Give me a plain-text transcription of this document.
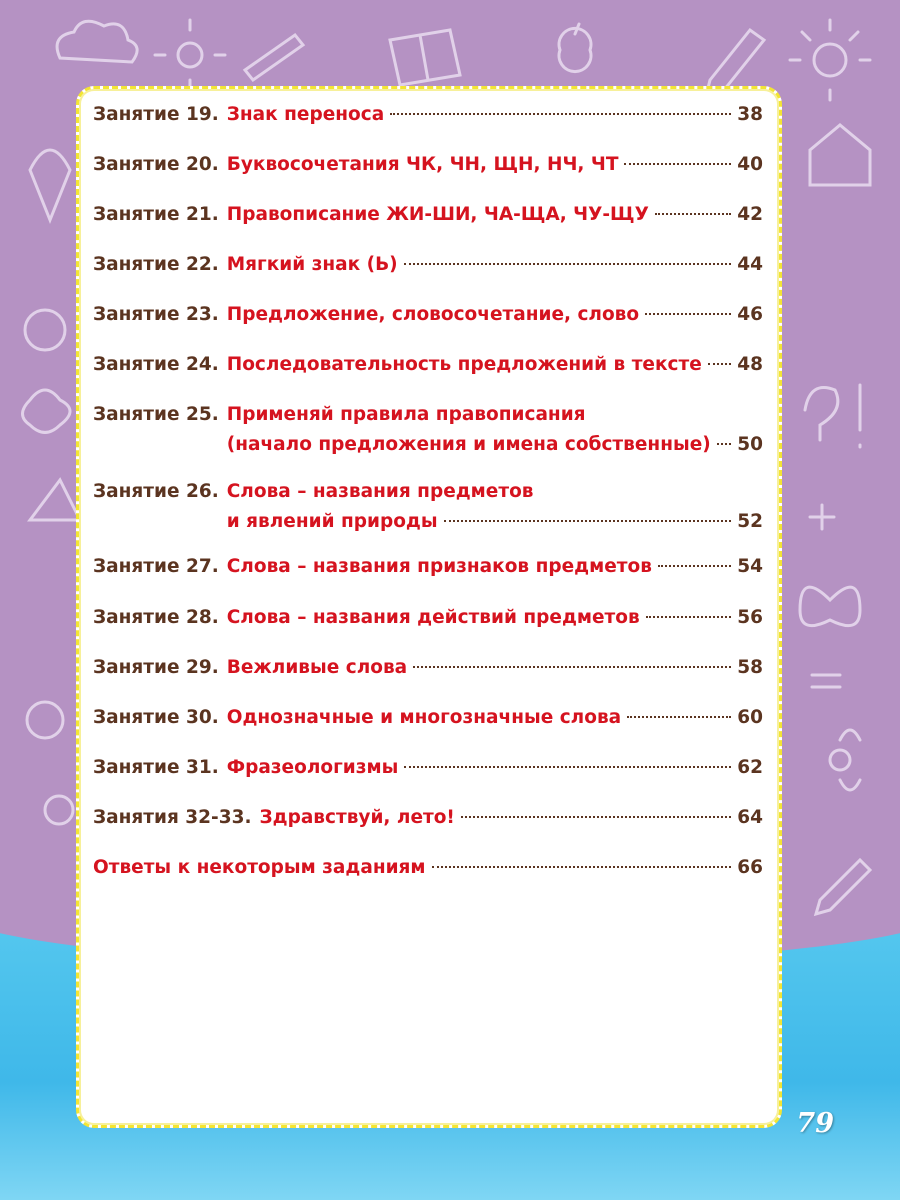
Занятие 19. Знак переноса	38
Занятие 20. Буквосочетания ЧК, ЧН, ЩН, НЧ, ЧТ	40
Занятие 21. Правописание ЖИ-ШИ, ЧА-ЩА, ЧУ-ЩУ	42
Занятие 22. Мягкий знак (Ь)	44
Занятие 23. Предложение, словосочетание, слово	46
Занятие 24. Последовательность предложений в тексте 48
Занятие 25. Применяй правила правописания
(начало предложения и имена собственные) 50
Занятие 26. Слова – названия предметов
и явлений природы	52
Занятие 27. Слова – названия признаков предметов	54
Занятие 28. Слова – названия действий предметов	56
Занятие 29. Вежливые слова	58
Занятие 30. Однозначные и многозначные слова	60
Занятие 31. Фразеологизмы	62
Занятия 32-33. Здравствуй, лето!	64
Ответы к некоторым заданиям	66
79
